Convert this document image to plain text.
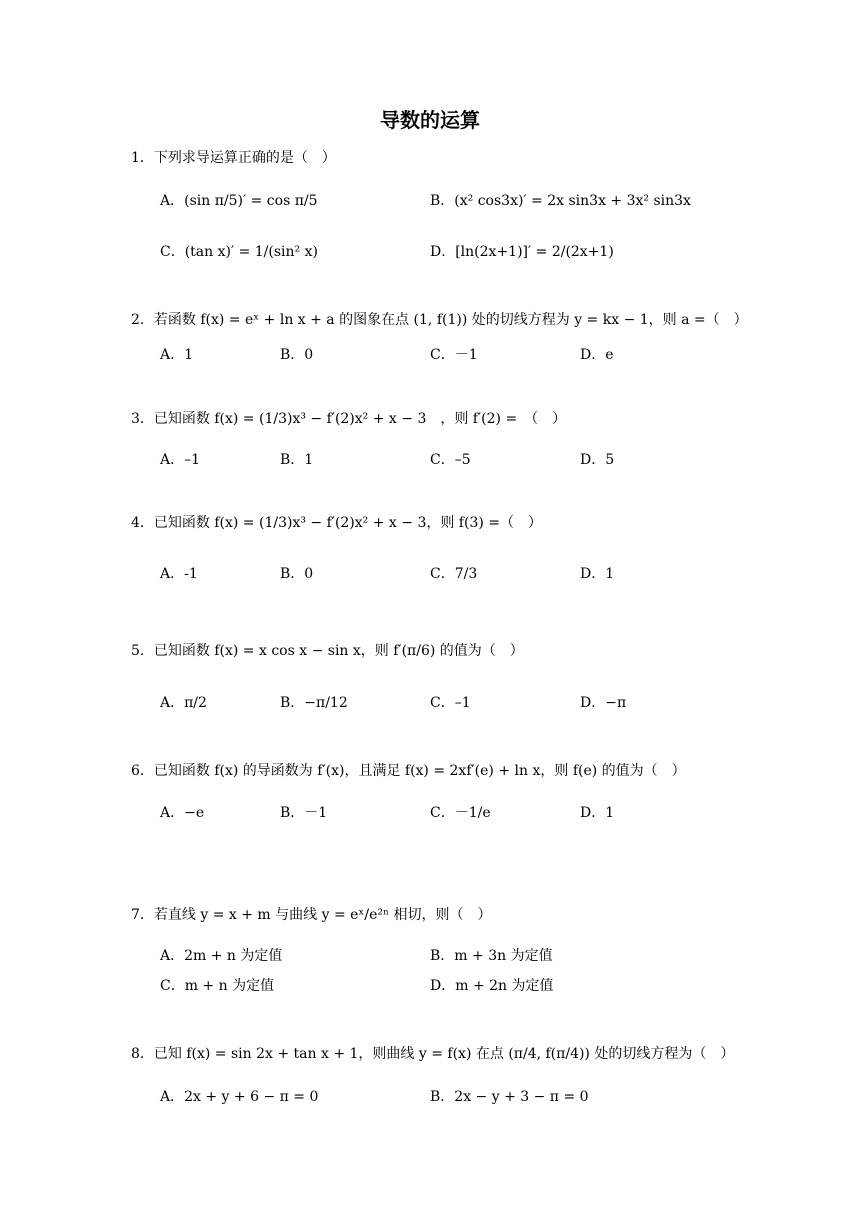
导数的运算
1．下列求导运算正确的是（　）
A．(sin π/5)′ = cos π/5	B．(x² cos3x)′ = 2x sin3x + 3x² sin3x
C．(tan x)′ = 1/(sin² x)	D．[ln(2x+1)]′ = 2/(2x+1)
2．若函数 f(x) = eˣ + ln x + a 的图象在点 (1, f(1)) 处的切线方程为 y = kx − 1，则 a =（　）
A．1	B．0	C．－1	D．e
3．已知函数 f(x) = (1/3)x³ − f′(2)x² + x − 3　，则 f′(2) =　（　）
A．–1	B．1	C．–5	D．5
4．已知函数 f(x) = (1/3)x³ − f′(2)x² + x − 3，则 f(3) =（　）
A．-1	B．0	C．7/3	D．1
5．已知函数 f(x) = x cos x − sin x，则 f′(π/6) 的值为（　）
A．π/2	B．−π/12	C．–1	D．−π
6．已知函数 f(x) 的导函数为 f′(x)，且满足 f(x) = 2xf′(e) + ln x，则 f(e) 的值为（　）
A．−e	B．－1	C．－1/e	D．1
7．若直线 y = x + m 与曲线 y = eˣ/e²ⁿ 相切，则（　）
A．2m + n 为定值	B．m + 3n 为定值
C．m + n 为定值	D．m + 2n 为定值
8．已知 f(x) = sin 2x + tan x + 1，则曲线 y = f(x) 在点 (π/4, f(π/4)) 处的切线方程为（　）
A．2x + y + 6 − π = 0	B．2x − y + 3 − π = 0
